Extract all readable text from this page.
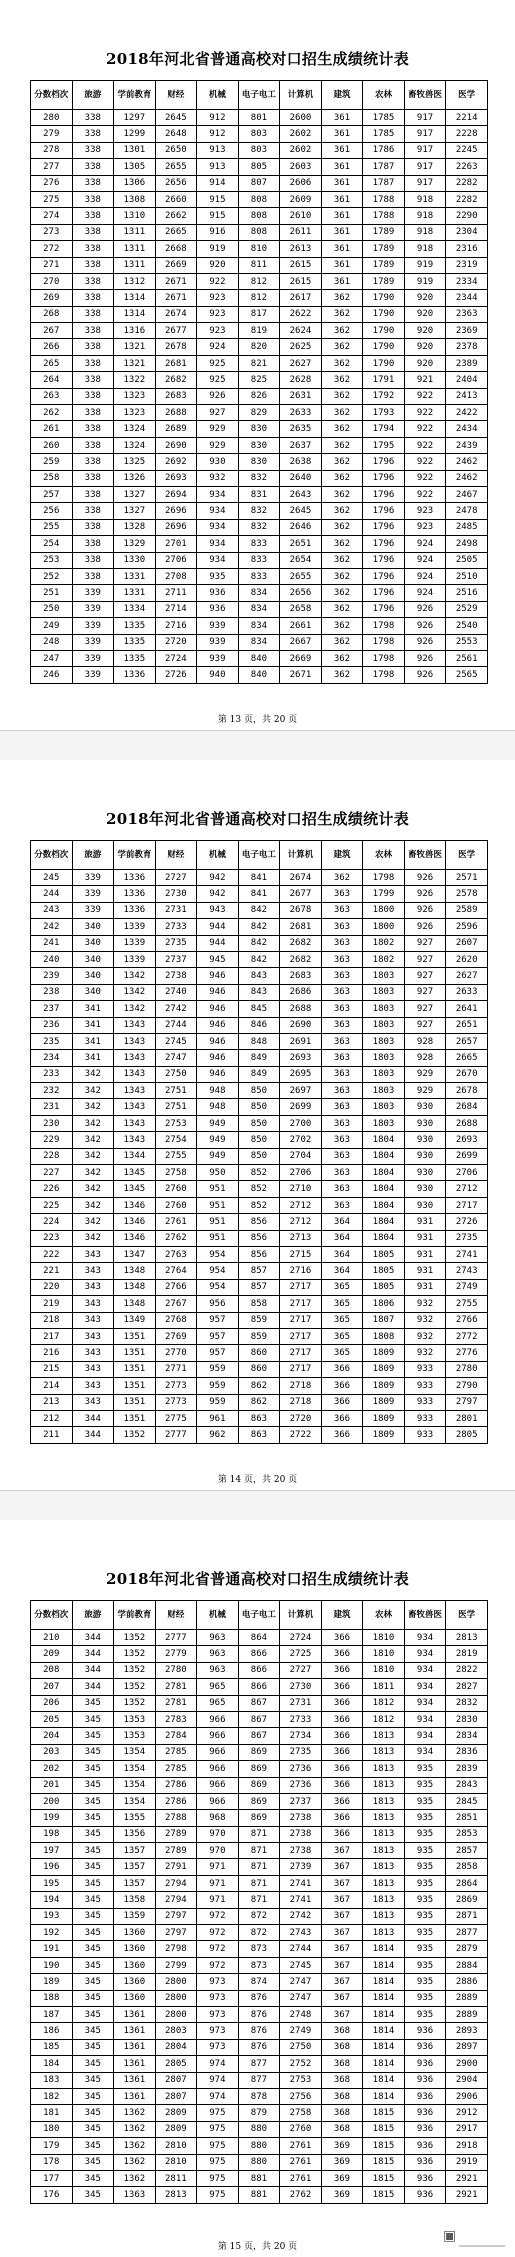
2018年河北省普通高校对口招生成绩统计表
分数档次	旅游	学前教育	财经	机械	电子电工	计算机	建筑	农林	畜牧兽医	医学
280	338	1297	2645	912	801	2600	361	1785	917	2214
279	338	1299	2648	912	803	2602	361	1785	917	2228
278	338	1301	2650	913	803	2602	361	1786	917	2245
277	338	1305	2655	913	805	2603	361	1787	917	2263
276	338	1306	2656	914	807	2606	361	1787	917	2282
275	338	1308	2660	915	808	2609	361	1788	918	2282
274	338	1310	2662	915	808	2610	361	1788	918	2290
273	338	1311	2665	916	808	2611	361	1789	918	2304
272	338	1311	2668	919	810	2613	361	1789	918	2316
271	338	1311	2669	920	811	2615	361	1789	919	2319
270	338	1312	2671	922	812	2615	361	1789	919	2334
269	338	1314	2671	923	812	2617	362	1790	920	2344
268	338	1314	2674	923	817	2622	362	1790	920	2363
267	338	1316	2677	923	819	2624	362	1790	920	2369
266	338	1321	2678	924	820	2625	362	1790	920	2378
265	338	1321	2681	925	821	2627	362	1790	920	2389
264	338	1322	2682	925	825	2628	362	1791	921	2404
263	338	1323	2683	926	826	2631	362	1792	922	2413
262	338	1323	2688	927	829	2633	362	1793	922	2422
261	338	1324	2689	929	830	2635	362	1794	922	2434
260	338	1324	2690	929	830	2637	362	1795	922	2439
259	338	1325	2692	930	830	2638	362	1796	922	2462
258	338	1326	2693	932	832	2640	362	1796	922	2462
257	338	1327	2694	934	831	2643	362	1796	922	2467
256	338	1327	2696	934	832	2645	362	1796	923	2478
255	338	1328	2696	934	832	2646	362	1796	923	2485
254	338	1329	2701	934	833	2651	362	1796	924	2498
253	338	1330	2706	934	833	2654	362	1796	924	2505
252	338	1331	2708	935	833	2655	362	1796	924	2510
251	339	1331	2711	936	834	2656	362	1796	924	2516
250	339	1334	2714	936	834	2658	362	1796	926	2529
249	339	1335	2716	939	834	2661	362	1798	926	2540
248	339	1335	2720	939	834	2667	362	1798	926	2553
247	339	1335	2724	939	840	2669	362	1798	926	2561
246	339	1336	2726	940	840	2671	362	1798	926	2565
第 13 页，共 20 页
2018年河北省普通高校对口招生成绩统计表
分数档次	旅游	学前教育	财经	机械	电子电工	计算机	建筑	农林	畜牧兽医	医学
245	339	1336	2727	942	841	2674	362	1798	926	2571
244	339	1336	2730	942	841	2677	363	1799	926	2578
243	339	1336	2731	943	842	2678	363	1800	926	2589
242	340	1339	2733	944	842	2681	363	1800	926	2596
241	340	1339	2735	944	842	2682	363	1802	927	2607
240	340	1339	2737	945	842	2682	363	1802	927	2620
239	340	1342	2738	946	843	2683	363	1803	927	2627
238	340	1342	2740	946	843	2686	363	1803	927	2633
237	341	1342	2742	946	845	2688	363	1803	927	2641
236	341	1343	2744	946	846	2690	363	1803	927	2651
235	341	1343	2745	946	848	2691	363	1803	928	2657
234	341	1343	2747	946	849	2693	363	1803	928	2665
233	342	1343	2750	946	849	2695	363	1803	929	2670
232	342	1343	2751	948	850	2697	363	1803	929	2678
231	342	1343	2751	948	850	2699	363	1803	930	2684
230	342	1343	2753	949	850	2700	363	1803	930	2688
229	342	1343	2754	949	850	2702	363	1804	930	2693
228	342	1344	2755	949	850	2704	363	1804	930	2699
227	342	1345	2758	950	852	2706	363	1804	930	2706
226	342	1345	2760	951	852	2710	363	1804	930	2712
225	342	1346	2760	951	852	2712	363	1804	930	2717
224	342	1346	2761	951	856	2712	364	1804	931	2726
223	342	1346	2762	951	856	2713	364	1804	931	2735
222	343	1347	2763	954	856	2715	364	1805	931	2741
221	343	1348	2764	954	857	2716	364	1805	931	2743
220	343	1348	2766	954	857	2717	365	1805	931	2749
219	343	1348	2767	956	858	2717	365	1806	932	2755
218	343	1349	2768	957	859	2717	365	1807	932	2766
217	343	1351	2769	957	859	2717	365	1808	932	2772
216	343	1351	2770	957	860	2717	365	1809	932	2776
215	343	1351	2771	959	860	2717	366	1809	933	2780
214	343	1351	2773	959	862	2718	366	1809	933	2790
213	343	1351	2773	959	862	2718	366	1809	933	2797
212	344	1351	2775	961	863	2720	366	1809	933	2801
211	344	1352	2777	962	863	2722	366	1809	933	2805
第 14 页，共 20 页
2018年河北省普通高校对口招生成绩统计表
分数档次	旅游	学前教育	财经	机械	电子电工	计算机	建筑	农林	畜牧兽医	医学
210	344	1352	2777	963	864	2724	366	1810	934	2813
209	344	1352	2779	963	866	2725	366	1810	934	2819
208	344	1352	2780	963	866	2727	366	1810	934	2822
207	344	1352	2781	965	866	2730	366	1811	934	2827
206	345	1352	2781	965	867	2731	366	1812	934	2832
205	345	1353	2783	966	867	2733	366	1812	934	2830
204	345	1353	2784	966	867	2734	366	1813	934	2834
203	345	1354	2785	966	869	2735	366	1813	934	2836
202	345	1354	2785	966	869	2736	366	1813	935	2839
201	345	1354	2786	966	869	2736	366	1813	935	2843
200	345	1354	2786	966	869	2737	366	1813	935	2845
199	345	1355	2788	968	869	2738	366	1813	935	2851
198	345	1356	2789	970	871	2738	366	1813	935	2853
197	345	1357	2789	970	871	2738	367	1813	935	2857
196	345	1357	2791	971	871	2739	367	1813	935	2858
195	345	1357	2794	971	871	2741	367	1813	935	2864
194	345	1358	2794	971	871	2741	367	1813	935	2869
193	345	1359	2797	972	872	2742	367	1813	935	2871
192	345	1360	2797	972	872	2743	367	1813	935	2877
191	345	1360	2798	972	873	2744	367	1814	935	2879
190	345	1360	2799	972	873	2745	367	1814	935	2884
189	345	1360	2800	973	874	2747	367	1814	935	2886
188	345	1360	2800	973	876	2747	367	1814	935	2889
187	345	1361	2800	973	876	2748	367	1814	935	2889
186	345	1361	2803	973	876	2749	368	1814	936	2893
185	345	1361	2804	973	876	2750	368	1814	936	2897
184	345	1361	2805	974	877	2752	368	1814	936	2900
183	345	1361	2807	974	877	2753	368	1814	936	2904
182	345	1361	2807	974	878	2756	368	1814	936	2906
181	345	1362	2809	975	879	2758	368	1815	936	2912
180	345	1362	2809	975	880	2760	368	1815	936	2917
179	345	1362	2810	975	880	2761	369	1815	936	2918
178	345	1362	2810	975	880	2761	369	1815	936	2919
177	345	1362	2811	975	881	2761	369	1815	936	2921
176	345	1363	2813	975	881	2762	369	1815	936	2921
第 15 页，共 20 页
▣
